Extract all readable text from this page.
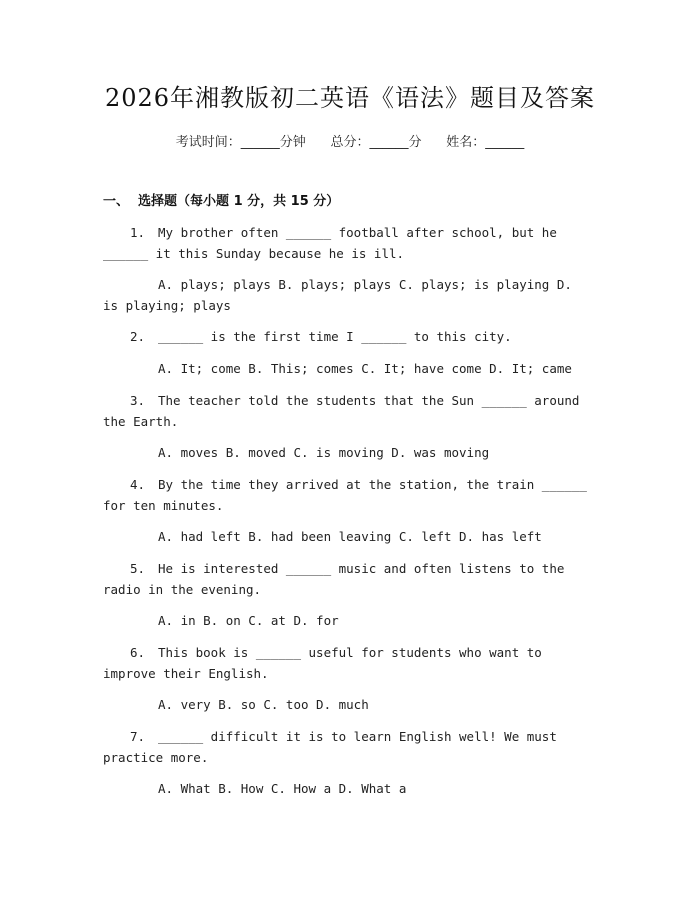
2026年湘教版初二英语《语法》题目及答案
考试时间：______分钟      总分：______分      姓名：______
一、  选择题（每小题 1 分，共 15 分）

1. My brother often ______ football after school, but he ______ it this Sunday because he is ill.

A. plays; plays B. plays; plays C. plays; is playing D. is playing; plays

2. ______ is the first time I ______ to this city.

A. It; come B. This; comes C. It; have come D. It; came

3. The teacher told the students that the Sun ______ around the Earth.

A. moves B. moved C. is moving D. was moving

4. By the time they arrived at the station, the train ______ for ten minutes.

A. had left B. had been leaving C. left D. has left

5. He is interested ______ music and often listens to the radio in the evening.

A. in B. on C. at D. for

6. This book is ______ useful for students who want to improve their English.

A. very B. so C. too D. much

7. ______ difficult it is to learn English well! We must practice more.

A. What B. How C. How a D. What a
